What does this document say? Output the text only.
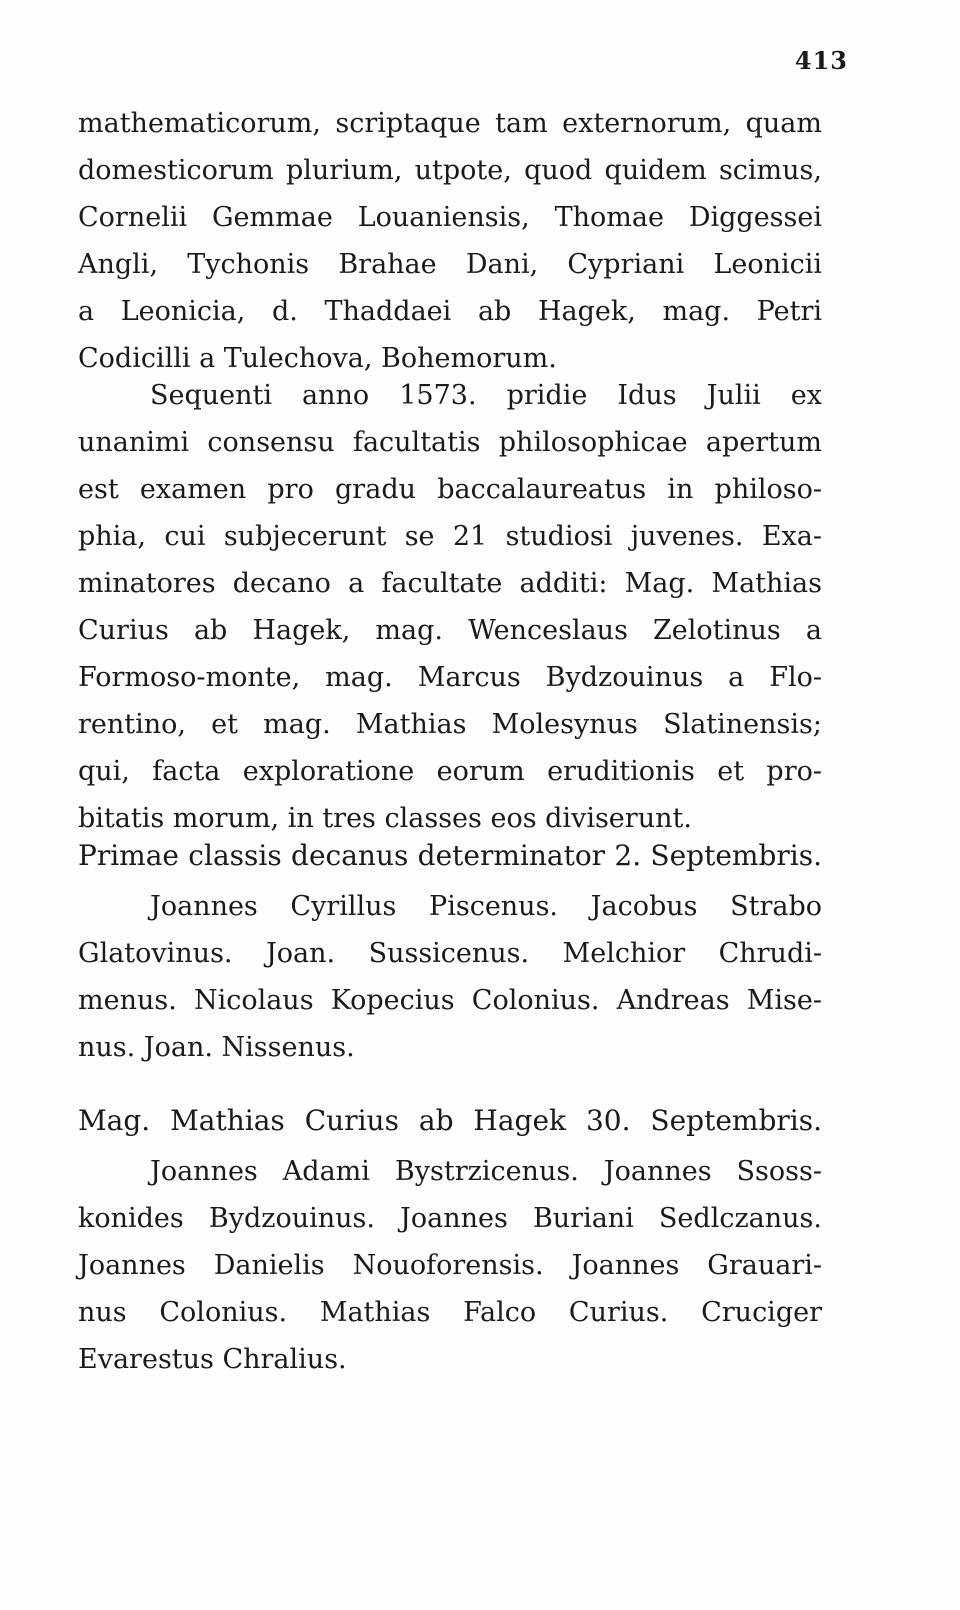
413
mathematicorum, scriptaque tam externorum, quam
domesticorum plurium, utpote, quod quidem scimus,
Cornelii Gemmae Louaniensis, Thomae Diggessei
Angli, Tychonis Brahae Dani, Cypriani Leonicii
a Leonicia, d. Thaddaei ab Hagek, mag. Petri
Codicilli a Tulechova, Bohemorum.
Sequenti anno 1573. pridie Idus Julii ex
unanimi consensu facultatis philosophicae apertum
est examen pro gradu baccalaureatus in philoso-
phia, cui subjecerunt se 21 studiosi juvenes. Exa-
minatores decano a facultate additi: Mag. Mathias
Curius ab Hagek, mag. Wenceslaus Zelotinus a
Formoso-monte, mag. Marcus Bydzouinus a Flo-
rentino, et mag. Mathias Molesynus Slatinensis;
qui, facta exploratione eorum eruditionis et pro-
bitatis morum, in tres classes eos diviserunt.
Primae classis decanus determinator 2. Septembris.
Joannes Cyrillus Piscenus. Jacobus Strabo
Glatovinus. Joan. Sussicenus. Melchior Chrudi-
menus. Nicolaus Kopecius Colonius. Andreas Mise-
nus. Joan. Nissenus.
Mag. Mathias Curius ab Hagek 30. Septembris.
Joannes Adami Bystrzicenus. Joannes Ssoss-
konides Bydzouinus. Joannes Buriani Sedlczanus.
Joannes Danielis Nouoforensis. Joannes Grauari-
nus Colonius. Mathias Falco Curius. Cruciger
Evarestus Chralius.
